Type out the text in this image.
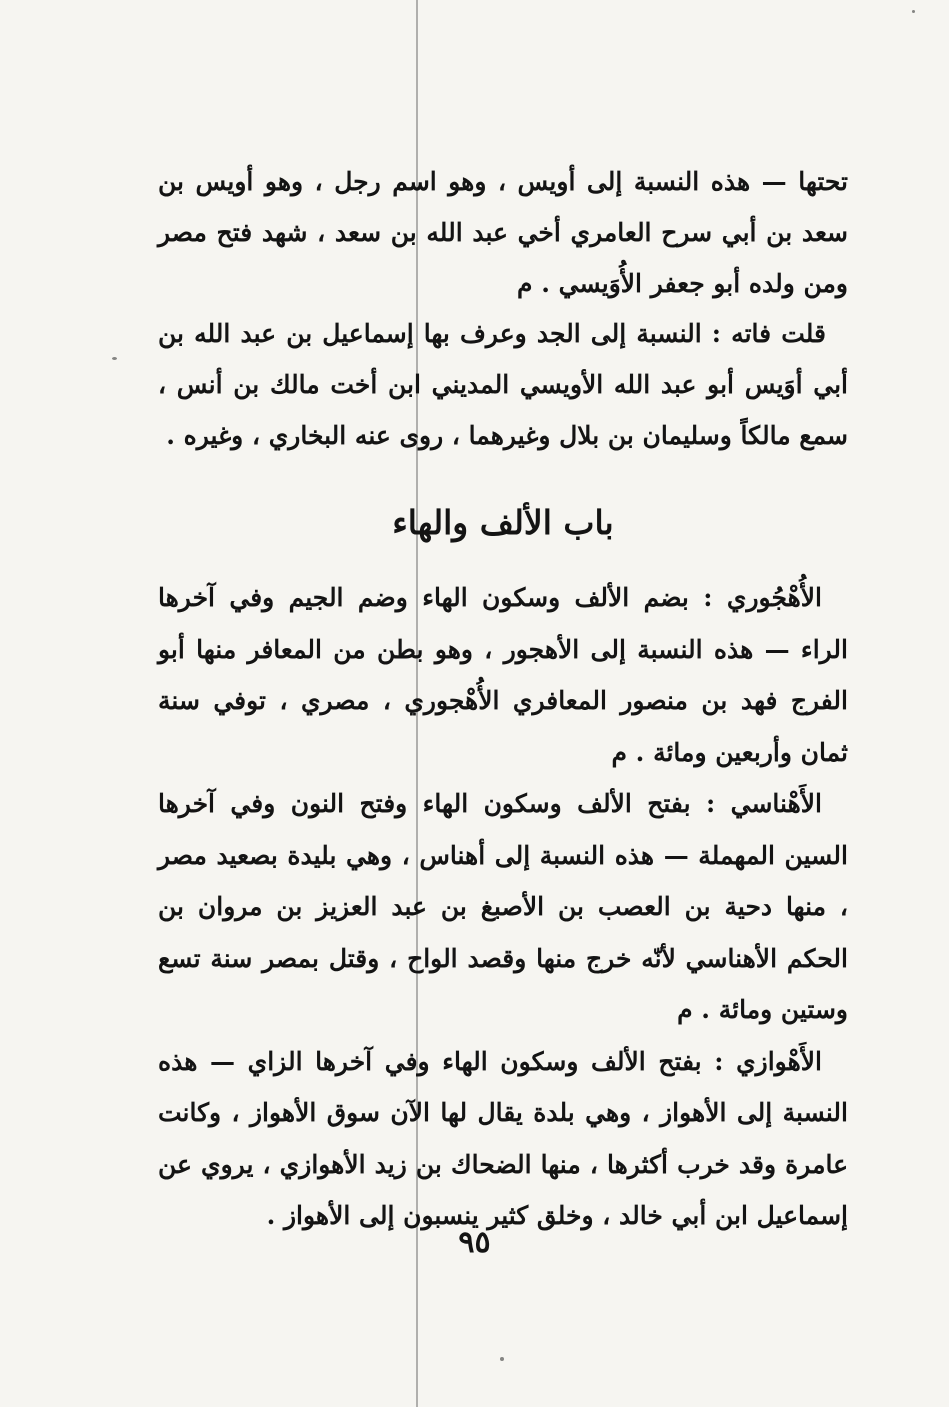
تحتها — هذه النسبة إلى أويس ، وهو اسم رجل ، وهو أويس بن سعد بن أبي سرح العامري أخي عبد الله بن سعد ، شهد فتح مصر ومن ولده أبو جعفر الأُوَيسي . م

قلت فاته : النسبة إلى الجد وعرف بها إسماعيل بن عبد الله بن أبي أوَيس أبو عبد الله الأويسي المديني ابن أخت مالك بن أنس ، سمع مالكاً وسليمان بن بلال وغيرهما ، روى عنه البخاري ، وغيره .

باب الألف والهاء

الأُهْجُوري : بضم الألف وسكون الهاء وضم الجيم وفي آخرها الراء — هذه النسبة إلى الأهجور ، وهو بطن من المعافر منها أبو الفرج فهد بن منصور المعافري الأُهْجوري ، مصري ، توفي سنة ثمان وأربعين ومائة . م

الأَهْناسي : بفتح الألف وسكون الهاء وفتح النون وفي آخرها السين المهملة — هذه النسبة إلى أهناس ، وهي بليدة بصعيد مصر ، منها دحية بن العصب بن الأصبغ بن عبد العزيز بن مروان بن الحكم الأهناسي لأنّه خرج منها وقصد الواح ، وقتل بمصر سنة تسع وستين ومائة . م

الأَهْوازي : بفتح الألف وسكون الهاء وفي آخرها الزاي — هذه النسبة إلى الأهواز ، وهي بلدة يقال لها الآن سوق الأهواز ، وكانت عامرة وقد خرب أكثرها ، منها الضحاك بن زيد الأهوازي ، يروي عن إسماعيل ابن أبي خالد ، وخلق كثير ينسبون إلى الأهواز .

٩٥
